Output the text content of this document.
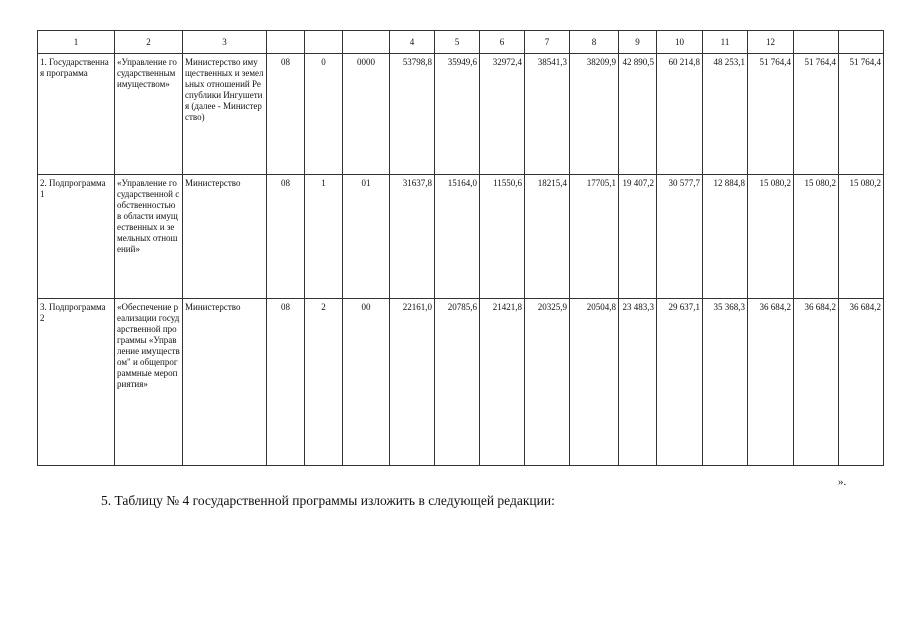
1	2	3				4	5	6	7	8	9	10	11	12		
1. Государственная программа	«Управление государственным имуществом»	Министерство имущественных и земельных отношений Республики Ингушетия (далее - Министерство)	08	0	0000	53798,8	35949,6	32972,4	38541,3	38209,9	42 890,5	60 214,8	48 253,1	51 764,4	51 764,4	51 764,4
2. Подпрограмма 1	«Управление государственной собственностью в области имущественных и земельных отношений»	Министерство	08	1	01	31637,8	15164,0	11550,6	18215,4	17705,1	19 407,2	30 577,7	12 884,8	15 080,2	15 080,2	15 080,2
3. Подпрограмма 2	«Обеспечение реализации государственной программы «Управление имуществом" и общепрограммные мероприятия»	Министерство	08	2	00	22161,0	20785,6	21421,8	20325,9	20504,8	23 483,3	29 637,1	35 368,3	36 684,2	36 684,2	36 684,2
».
5. Таблицу № 4 государственной программы изложить в следующей редакции:
